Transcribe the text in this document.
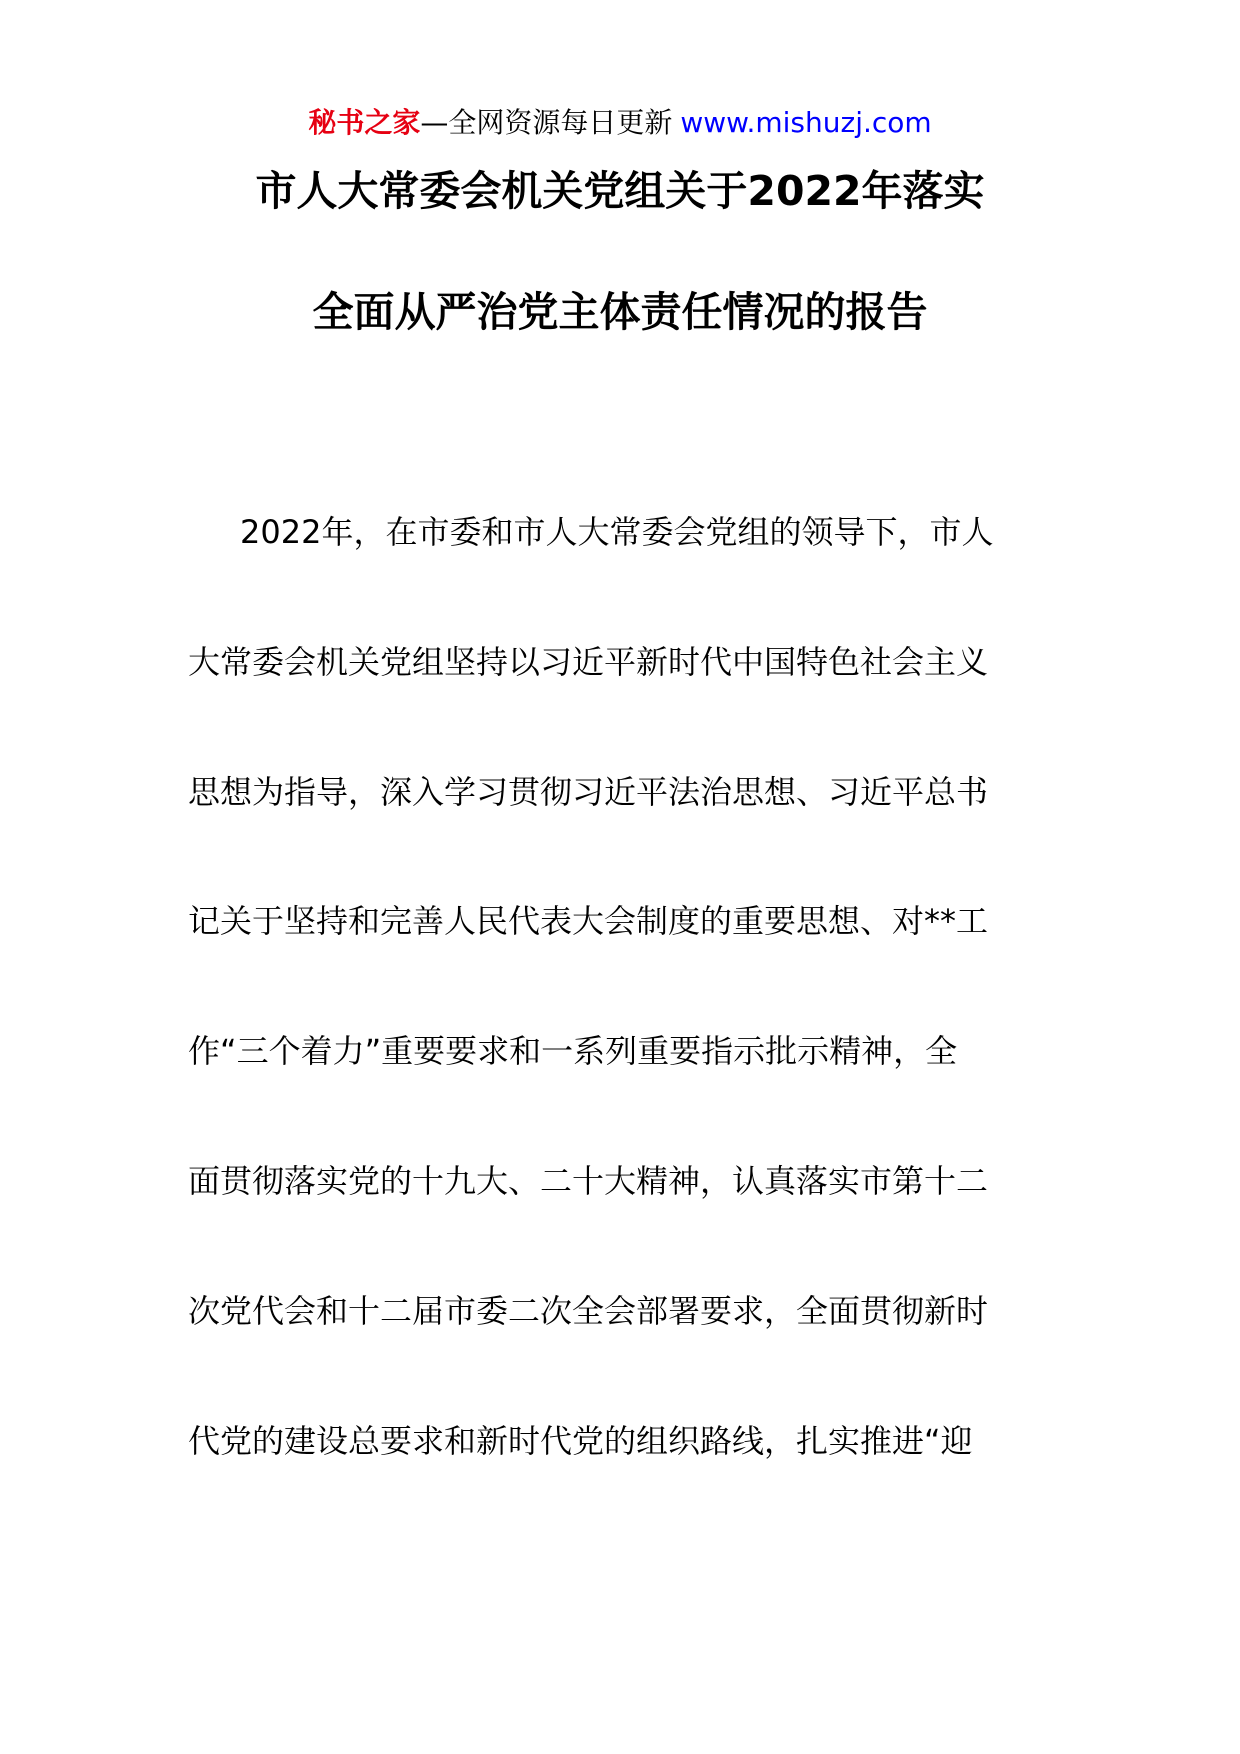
秘书之家—全网资源每日更新 www.mishuzj.com
市人大常委会机关党组关于2022年落实
全面从严治党主体责任情况的报告
2022年，在市委和市人大常委会党组的领导下，市人
大常委会机关党组坚持以习近平新时代中国特色社会主义
思想为指导，深入学习贯彻习近平法治思想、习近平总书
记关于坚持和完善人民代表大会制度的重要思想、对**工
作“三个着力”重要要求和一系列重要指示批示精神，全
面贯彻落实党的十九大、二十大精神，认真落实市第十二
次党代会和十二届市委二次全会部署要求，全面贯彻新时
代党的建设总要求和新时代党的组织路线，扎实推进“迎
